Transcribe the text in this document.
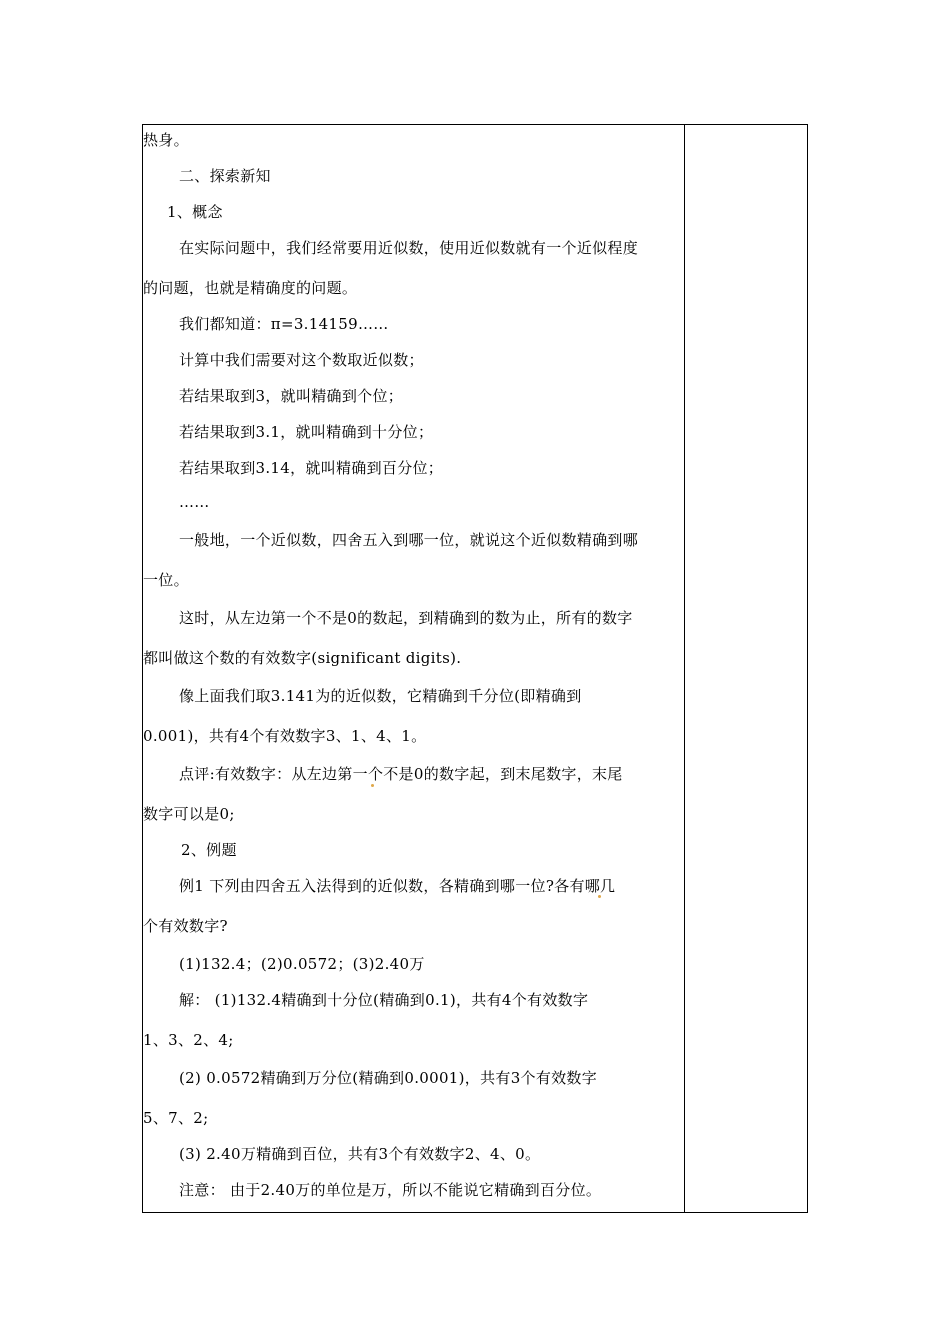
热身。
二、探索新知
1、概念
在实际问题中，我们经常要用近似数，使用近似数就有一个近似程度
的问题，也就是精确度的问题。
我们都知道：π=3.14159……
计算中我们需要对这个数取近似数；
若结果取到3，就叫精确到个位；
若结果取到3.1，就叫精确到十分位；
若结果取到3.14，就叫精确到百分位；
……
一般地，一个近似数，四舍五入到哪一位，就说这个近似数精确到哪
一位。
这时，从左边第一个不是0的数起，到精确到的数为止，所有的数字
都叫做这个数的有效数字(significant digits).
像上面我们取3.141为的近似数，它精确到千分位(即精确到
0.001)，共有4个有效数字3、1、4、1。
点评:有效数字：从左边第一个不是0的数字起，到末尾数字，末尾
数字可以是0;
2、例题
例1 下列由四舍五入法得到的近似数，各精确到哪一位?各有哪几
个有效数字?
(1)132.4；(2)0.0572；(3)2.40万
解： (1)132.4精确到十分位(精确到0.1)，共有4个有效数字
1、3、2、4;
(2) 0.0572精确到万分位(精确到0.0001)，共有3个有效数字
5、7、2;
(3) 2.40万精确到百位，共有3个有效数字2、4、0。
注意： 由于2.40万的单位是万，所以不能说它精确到百分位。
